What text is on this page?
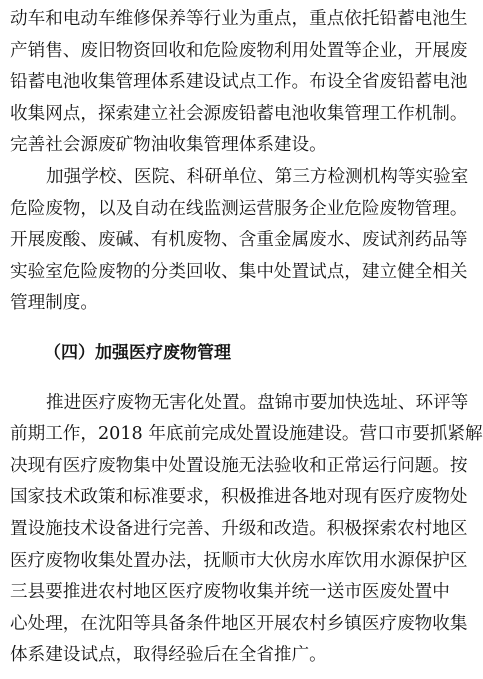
动车和电动车维修保养等行业为重点，重点依托铅蓄电池生
产销售、废旧物资回收和危险废物利用处置等企业，开展废
铅蓄电池收集管理体系建设试点工作。布设全省废铅蓄电池
收集网点，探索建立社会源废铅蓄电池收集管理工作机制。
完善社会源废矿物油收集管理体系建设。
加强学校、医院、科研单位、第三方检测机构等实验室
危险废物，以及自动在线监测运营服务企业危险废物管理。
开展废酸、废碱、有机废物、含重金属废水、废试剂药品等
实验室危险废物的分类回收、集中处置试点，建立健全相关
管理制度。
（四）加强医疗废物管理
推进医疗废物无害化处置。盘锦市要加快选址、环评等
前期工作，2018 年底前完成处置设施建设。营口市要抓紧解
决现有医疗废物集中处置设施无法验收和正常运行问题。按
国家技术政策和标准要求，积极推进各地对现有医疗废物处
置设施技术设备进行完善、升级和改造。积极探索农村地区
医疗废物收集处置办法，抚顺市大伙房水库饮用水源保护区
三县要推进农村地区医疗废物收集并统一送市医废处置中
心处理，在沈阳等具备条件地区开展农村乡镇医疗废物收集
体系建设试点，取得经验后在全省推广。
